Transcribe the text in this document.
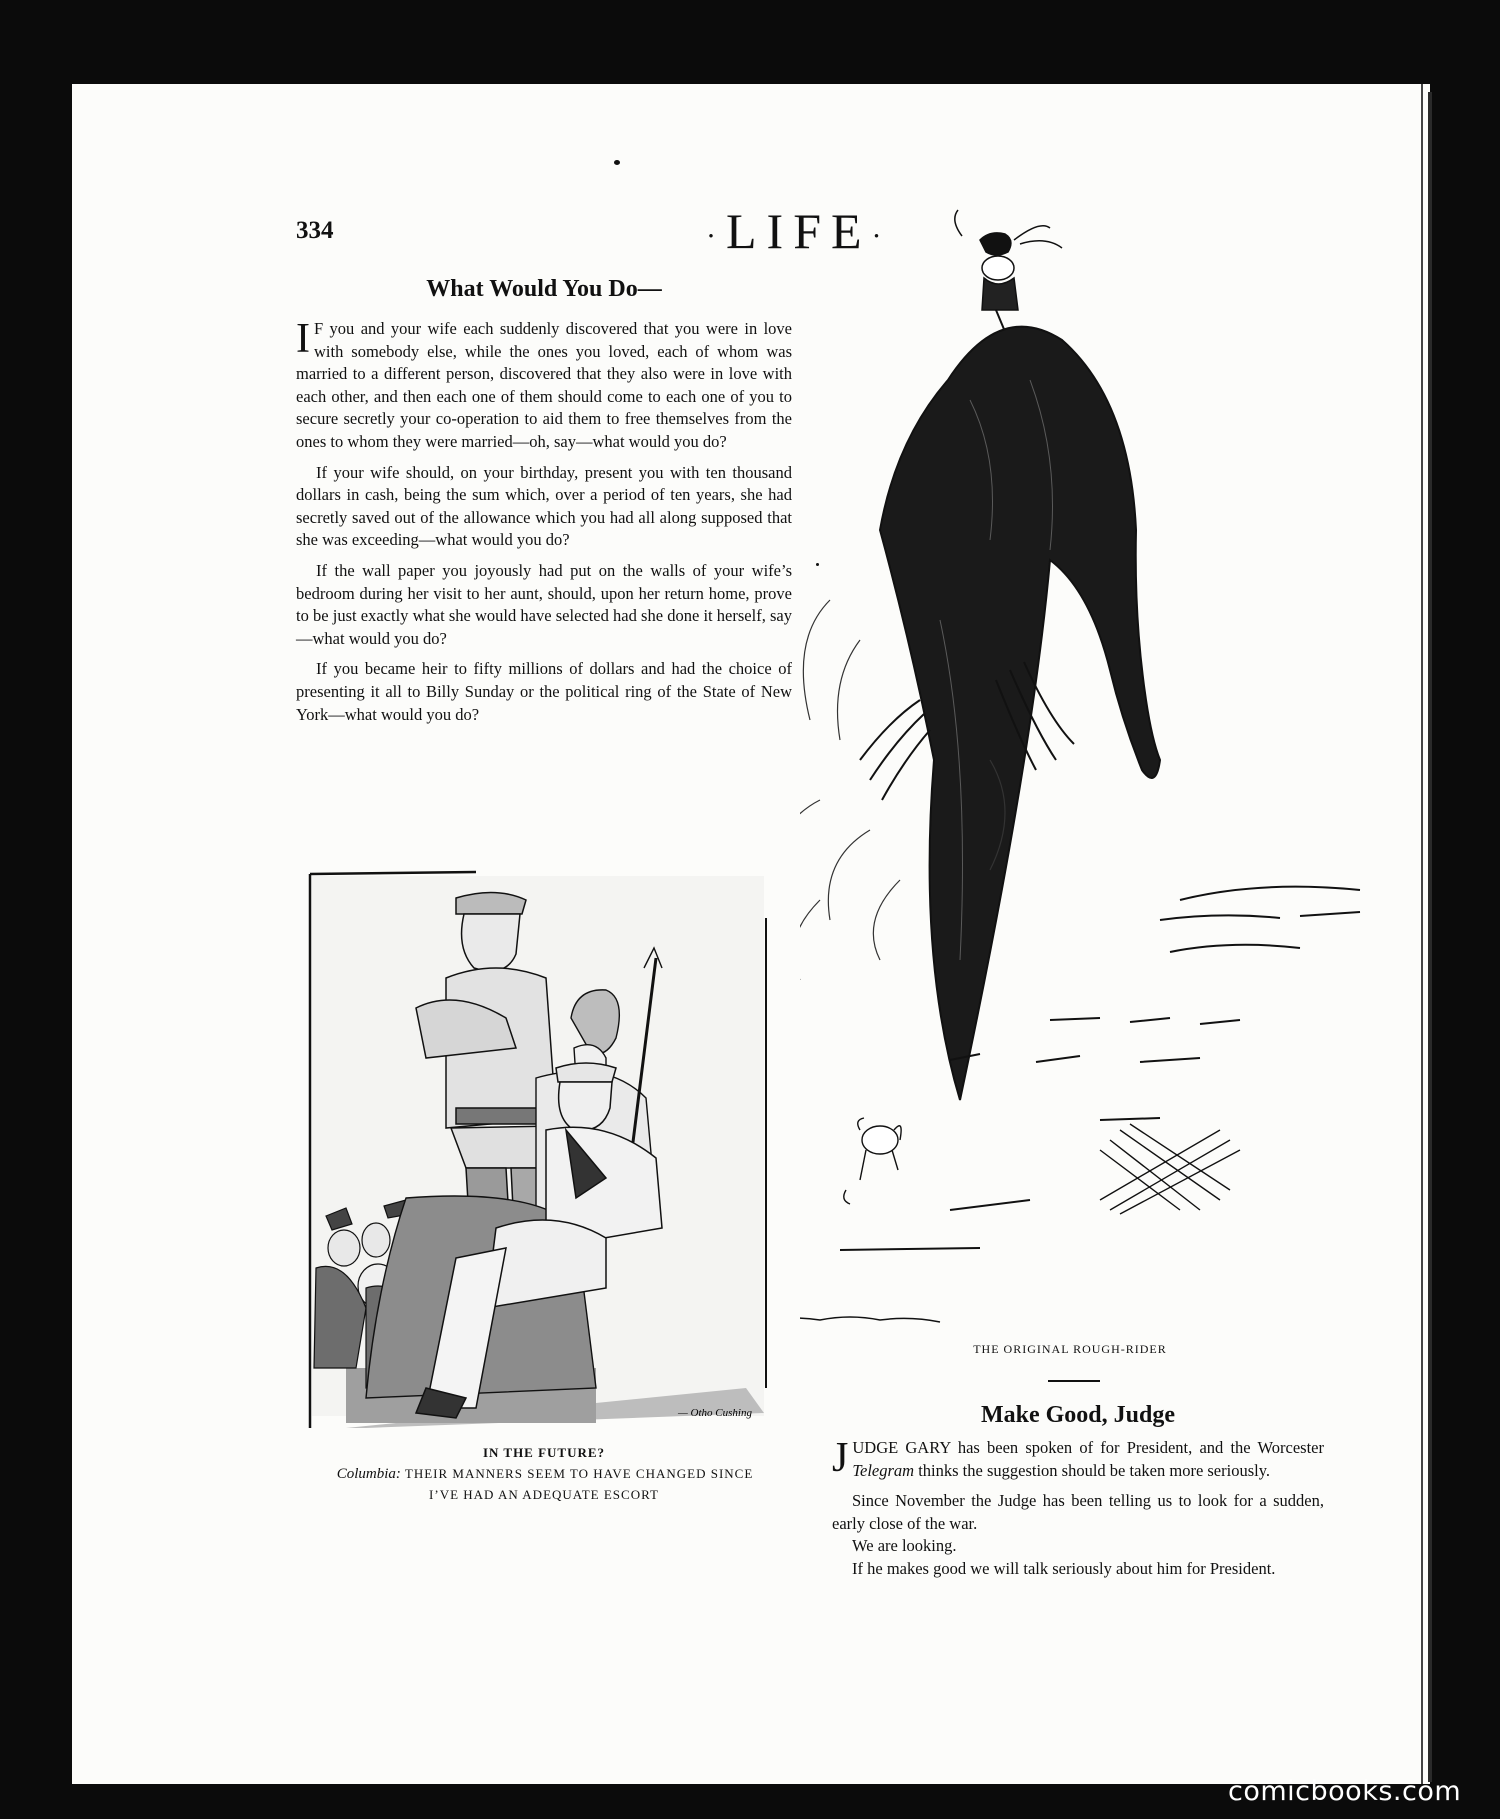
334	·LIFE·
What Would You Do—

I F you and your wife each suddenly discovered that you were in love with somebody else, while the ones you loved, each of whom was married to a different person, discovered that they also were in love with each other, and then each one of them should come to each one of you to secure secretly your co-operation to aid them to free themselves from the ones to whom they were married—oh, say—what would you do?

If your wife should, on your birthday, present you with ten thousand dollars in cash, being the sum which, over a period of ten years, she had secretly saved out of the allowance which you had all along supposed that she was exceeding—what would you do?

If the wall paper you joyously had put on the walls of your wife’s bedroom during her visit to her aunt, should, upon her return home, prove to be just exactly what she would have selected had she done it herself, say—what would you do?

If you became heir to fifty millions of dollars and had the choice of presenting it all to Billy Sunday or the political ring of the State of New York—what would you do?

— Otho Cushing
IN THE FUTURE?
Columbia: THEIR MANNERS SEEM TO HAVE CHANGED SINCE
I’VE HAD AN ADEQUATE ESCORT
THE ORIGINAL ROUGH-RIDER
Make Good, Judge

JUDGE GARY has been spoken of for President, and the Worcester Telegram thinks the suggestion should be taken more seriously.

Since November the Judge has been telling us to look for a sudden, early close of the war.

We are looking.

If he makes good we will talk seriously about him for President.

comicbooks.com
